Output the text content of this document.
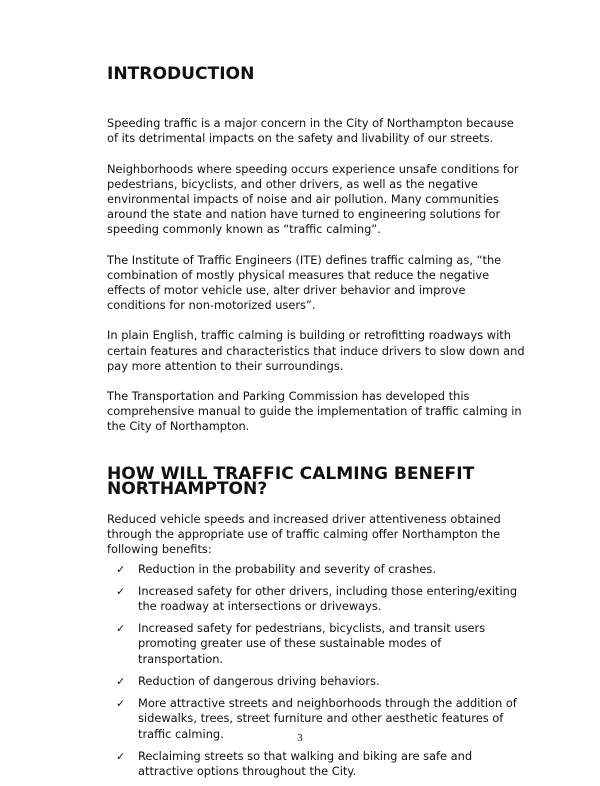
INTRODUCTION

Speeding traffic is a major concern in the City of Northampton because of its detrimental impacts on the safety and livability of our streets.

Neighborhoods where speeding occurs experience unsafe conditions for pedestrians, bicyclists, and other drivers, as well as the negative environmental impacts of noise and air pollution. Many communities around the state and nation have turned to engineering solutions for speeding commonly known as “traffic calming”.

The Institute of Traffic Engineers (ITE) defines traffic calming as, “the combination of mostly physical measures that reduce the negative effects of motor vehicle use, alter driver behavior and improve conditions for non-motorized users”.

In plain English, traffic calming is building or retrofitting roadways with certain features and characteristics that induce drivers to slow down and pay more attention to their surroundings.

The Transportation and Parking Commission has developed this comprehensive manual to guide the implementation of traffic calming in the City of Northampton.

HOW WILL TRAFFIC CALMING BENEFIT NORTHAMPTON?

Reduced vehicle speeds and increased driver attentiveness obtained through the appropriate use of traffic calming offer Northampton the following benefits:

✓ Reduction in the probability and severity of crashes.
✓ Increased safety for other drivers, including those entering/exiting the roadway at intersections or driveways.
✓ Increased safety for pedestrians, bicyclists, and transit users promoting greater use of these sustainable modes of transportation.
✓ Reduction of dangerous driving behaviors.
✓ More attractive streets and neighborhoods through the addition of sidewalks, trees, street furniture and other aesthetic features of traffic calming.
✓ Reclaiming streets so that walking and biking are safe and attractive options throughout the City.
3
